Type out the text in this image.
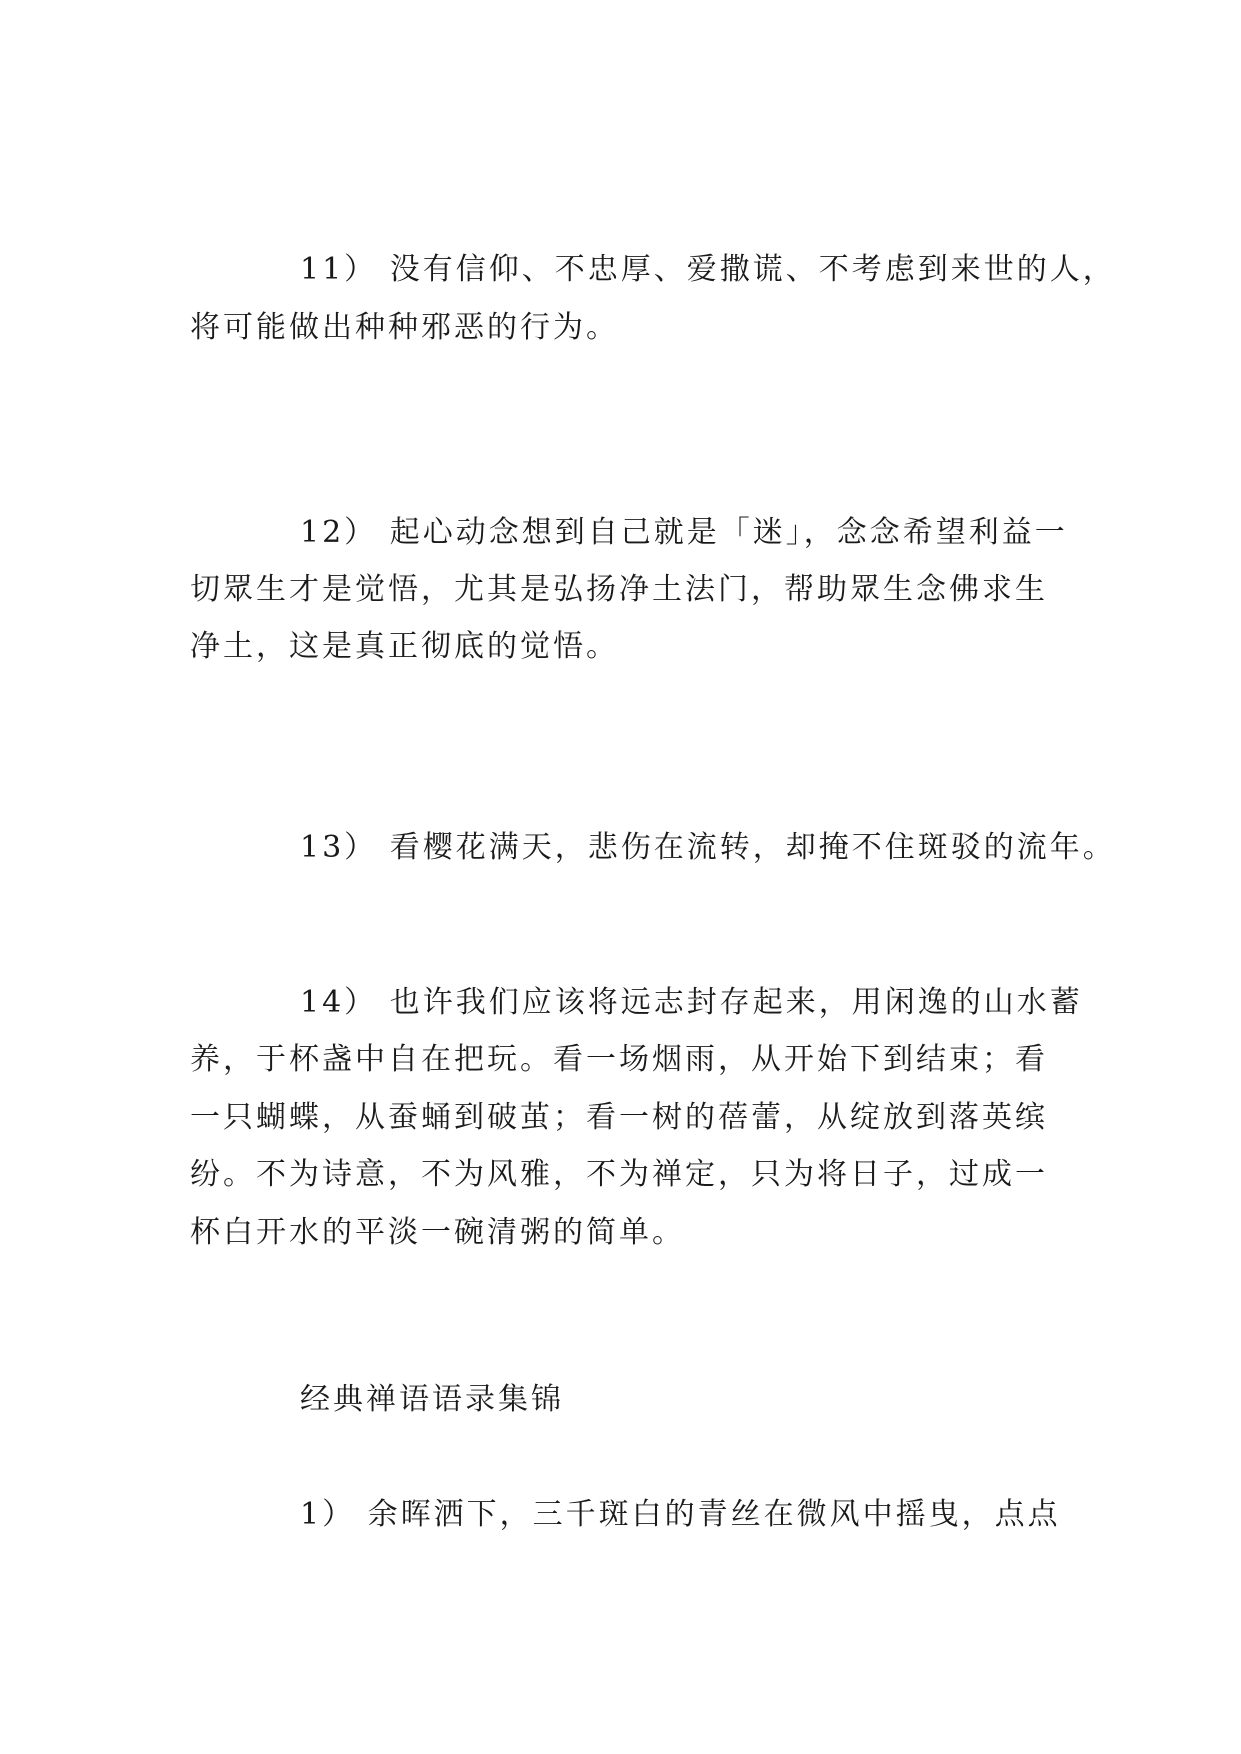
11） 没有信仰、不忠厚、爱撒谎、不考虑到来世的人，
将可能做出种种邪恶的行为。
12） 起心动念想到自己就是「迷」，念念希望利益一
切眾生才是觉悟，尤其是弘扬净土法门，帮助眾生念佛求生
净土，这是真正彻底的觉悟。
13） 看樱花满天，悲伤在流转，却掩不住斑驳的流年。
14） 也许我们应该将远志封存起来，用闲逸的山水蓄
养，于杯盏中自在把玩。看一场烟雨，从开始下到结束；看
一只蝴蝶，从蚕蛹到破茧；看一树的蓓蕾，从绽放到落英缤
纷。不为诗意，不为风雅，不为禅定，只为将日子，过成一
杯白开水的平淡一碗清粥的简单。
经典禅语语录集锦
1） 余晖洒下，三千斑白的青丝在微风中摇曳，点点
